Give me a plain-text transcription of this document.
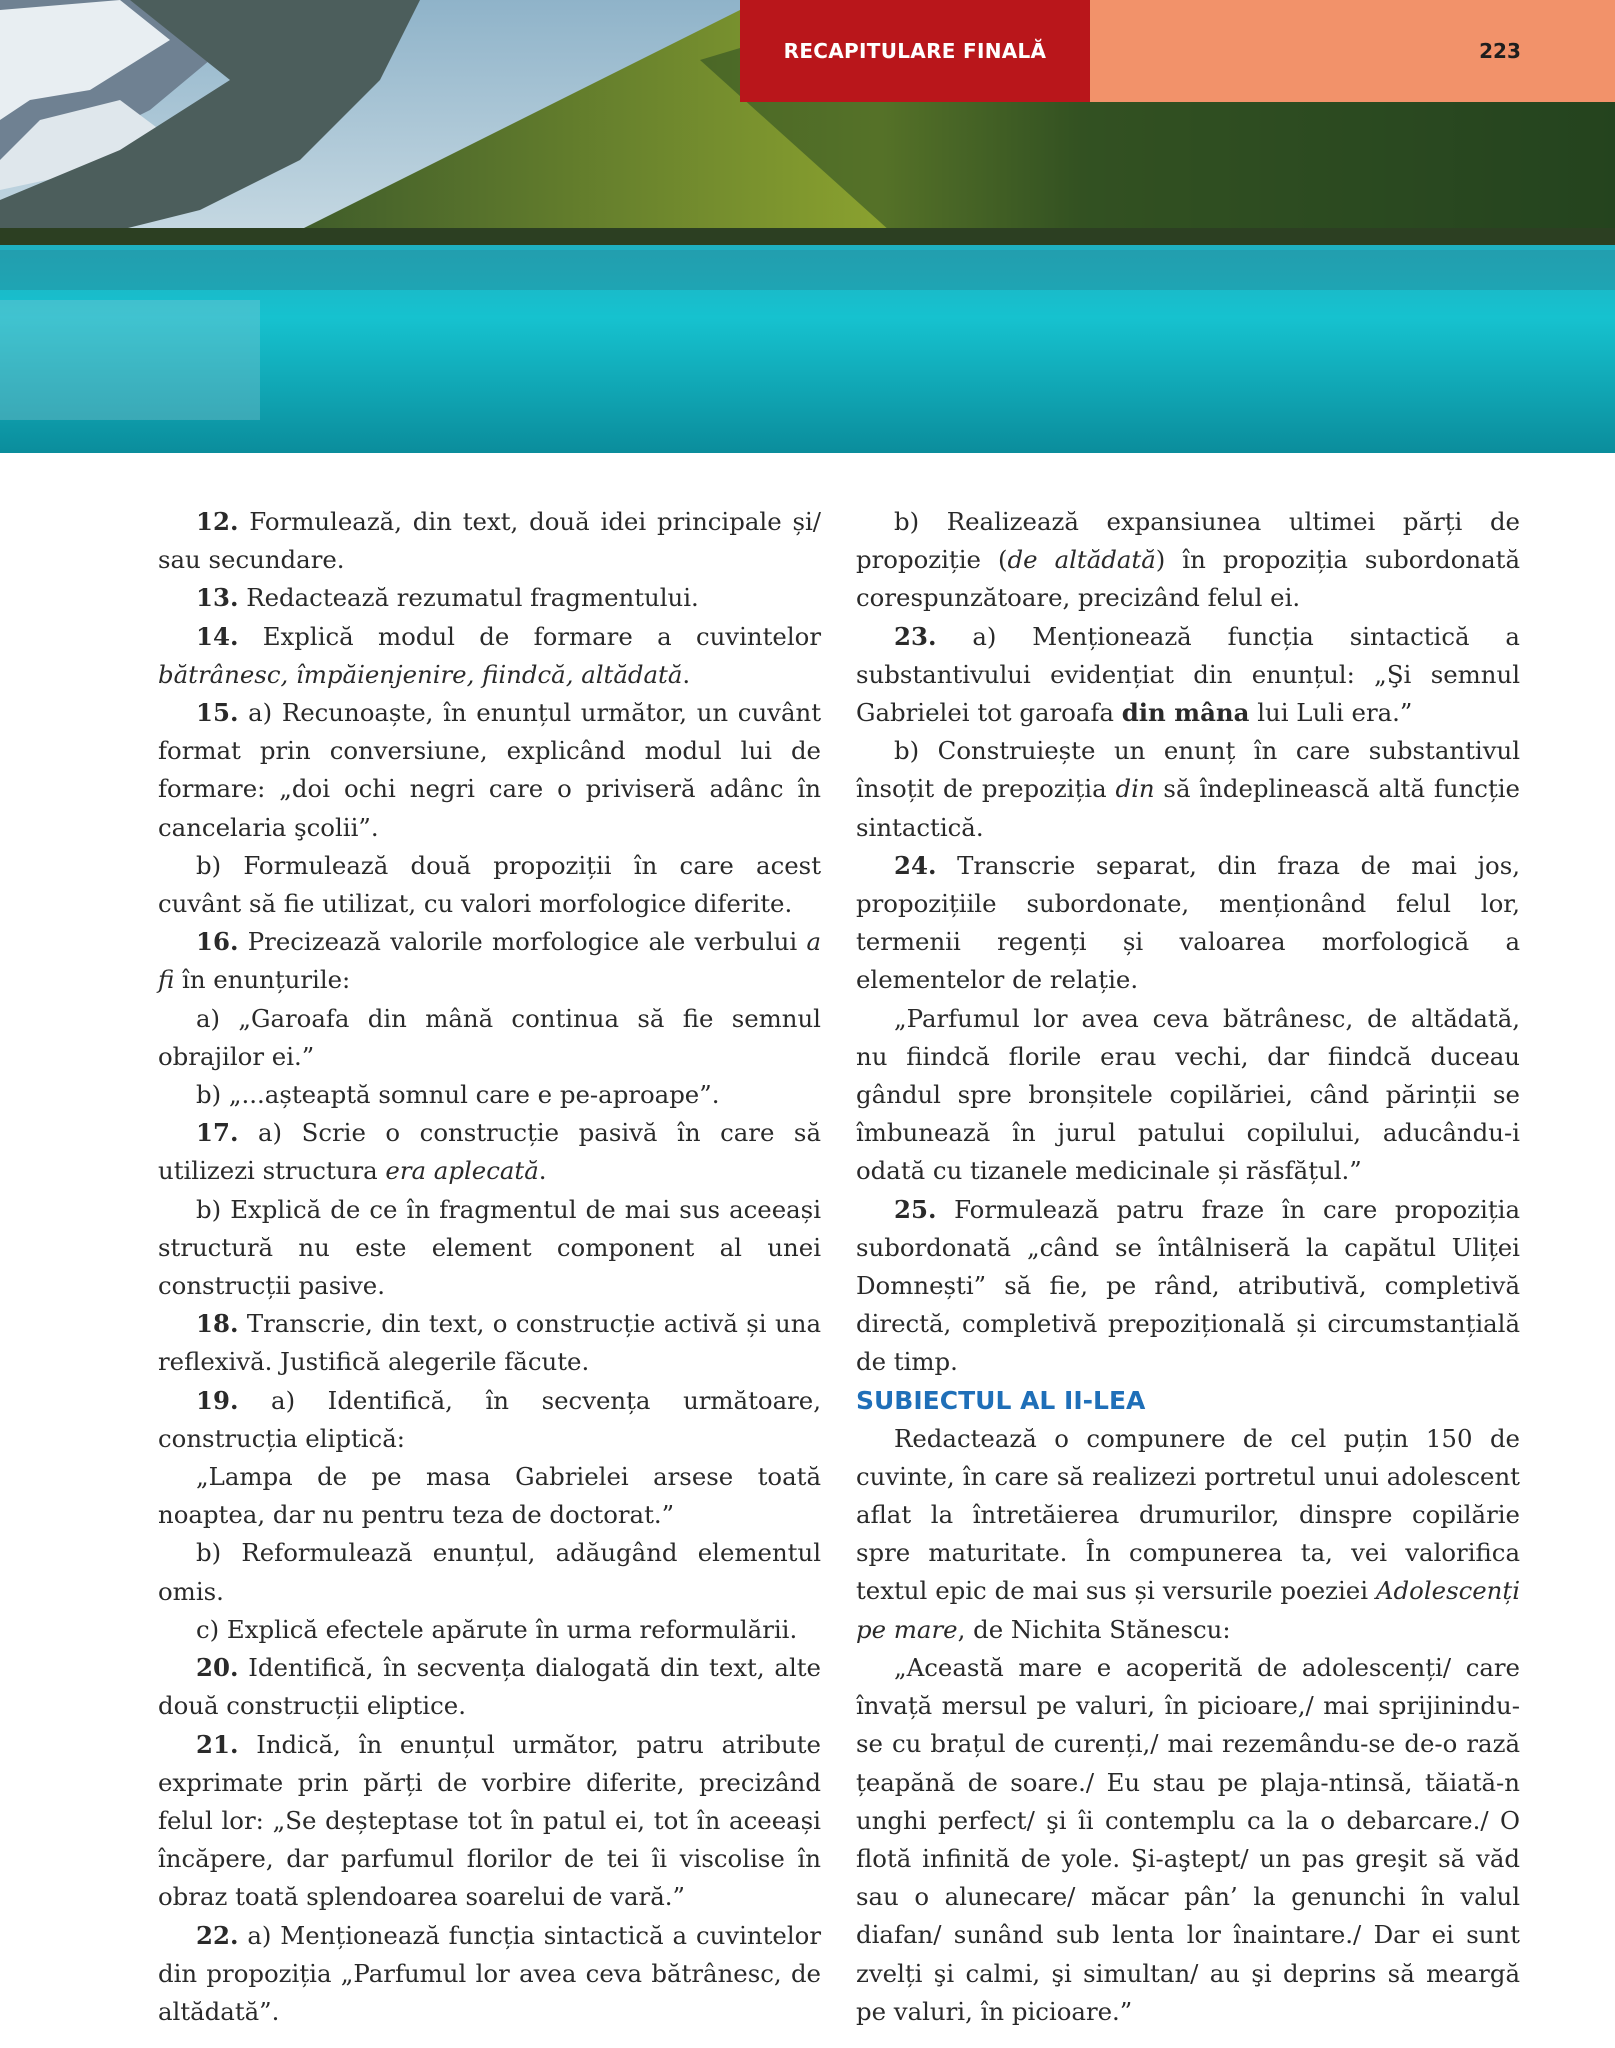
RECAPITULARE FINALĂ	223

12. Formulează, din text, două idei principale și/ sau secundare.

13. Redactează rezumatul fragmentului.

14. Explică modul de formare a cuvintelor bătrânesc, împăienjenire, fiindcă, altădată.

15. a) Recunoaște, în enunțul următor, un cuvânt format prin conversiune, explicând modul lui de formare: „doi ochi negri care o priviseră adânc în cancelaria şcolii”.

b) Formulează două propoziții în care acest cuvânt să fie utilizat, cu valori morfologice diferite.

16. Precizează valorile morfologice ale verbului a fi în enunțurile:

a) „Garoafa din mână continua să fie semnul obrajilor ei.”

b) „...așteaptă somnul care e pe-aproape”.

17. a) Scrie o construcție pasivă în care să utilizezi structura era aplecată.

b) Explică de ce în fragmentul de mai sus aceeași structură nu este element component al unei construcții pasive.

18. Transcrie, din text, o construcție activă și una reflexivă. Justifică alegerile făcute.

19. a) Identifică, în secvența următoare, construcția eliptică:

„Lampa de pe masa Gabrielei arsese toată noaptea, dar nu pentru teza de doctorat.”

b) Reformulează enunțul, adăugând elementul omis.

c) Explică efectele apărute în urma reformulării.

20. Identifică, în secvența dialogată din text, alte două construcții eliptice.

21. Indică, în enunțul următor, patru atribute exprimate prin părți de vorbire diferite, precizând felul lor: „Se deșteptase tot în patul ei, tot în aceeași încăpere, dar parfumul florilor de tei îi viscolise în obraz toată splendoarea soarelui de vară.”

22. a) Menționează funcția sintactică a cuvintelor din propoziția „Parfumul lor avea ceva bătrânesc, de altădată”.

b) Realizează expansiunea ultimei părți de propoziție (de altădată) în propoziția subordonată corespunzătoare, precizând felul ei.

23. a) Menționează funcția sintactică a substantivului evidențiat din enunțul: „Şi semnul Gabrielei tot garoafa din mâna lui Luli era.”

b) Construiește un enunț în care substantivul însoțit de prepoziția din să îndeplinească altă funcție sintactică.

24. Transcrie separat, din fraza de mai jos, propozițiile subordonate, menționând felul lor, termenii regenți și valoarea morfologică a elementelor de relație.

„Parfumul lor avea ceva bătrânesc, de altădată, nu fiindcă florile erau vechi, dar fiindcă duceau gândul spre bronșitele copilăriei, când părinții se îmbunează în jurul patului copilului, aducându-i odată cu tizanele medicinale și răsfățul.”

25. Formulează patru fraze în care propoziția subordonată „când se întâlniseră la capătul Uliței Domnești” să fie, pe rând, atributivă, completivă directă, completivă prepozițională și circumstanțială de timp.

SUBIECTUL AL II-LEA

Redactează o compunere de cel puțin 150 de cuvinte, în care să realizezi portretul unui adolescent aflat la întretăierea drumurilor, dinspre copilărie spre maturitate. În compunerea ta, vei valorifica textul epic de mai sus și versurile poeziei Adolescenți pe mare, de Nichita Stănescu:

„Această mare e acoperită de adolescenți/ care învață mersul pe valuri, în picioare,/ mai sprijinindu-se cu brațul de curenți,/ mai rezemându-se de-o rază țeapănă de soare./ Eu stau pe plaja-ntinsă, tăiată-n unghi perfect/ şi îi contemplu ca la o debarcare./ O flotă infinită de yole. Şi-aştept/ un pas greşit să văd sau o alunecare/ măcar pân’ la genunchi în valul diafan/ sunând sub lenta lor înaintare./ Dar ei sunt zvelți şi calmi, şi simultan/ au şi deprins să meargă pe valuri, în picioare.”
